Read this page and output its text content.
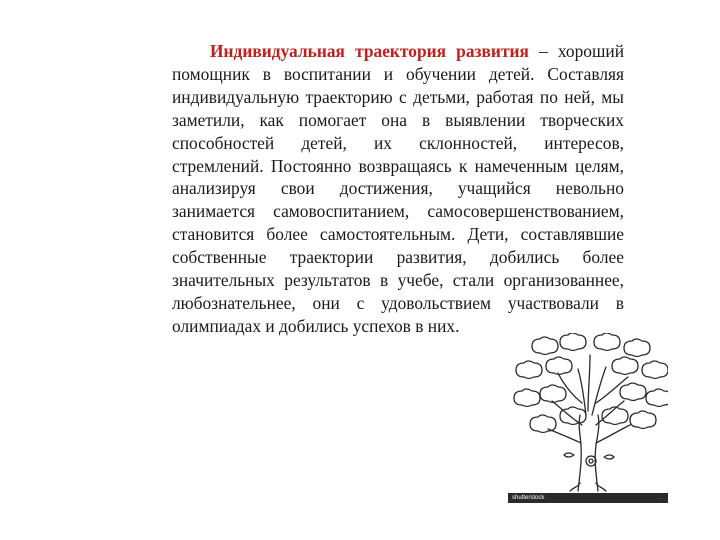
Индивидуальная траектория развития – хороший помощник в воспитании и обучении детей. Составляя индивидуальную траекторию с детьми, работая по ней, мы заметили, как помогает она в выявлении творческих способностей детей, их склонностей, интересов, стремлений. Постоянно возвращаясь к намеченным целям, анализируя свои достижения, учащийся невольно занимается самовоспитанием, самосовершенствованием, становится более самостоятельным. Дети, составлявшие собственные траектории развития, добились более значительных результатов в учебе, стали организованнее, любознательнее, они с удовольствием участвовали в олимпиадах и добились успехов в них.

shutterstock	…
